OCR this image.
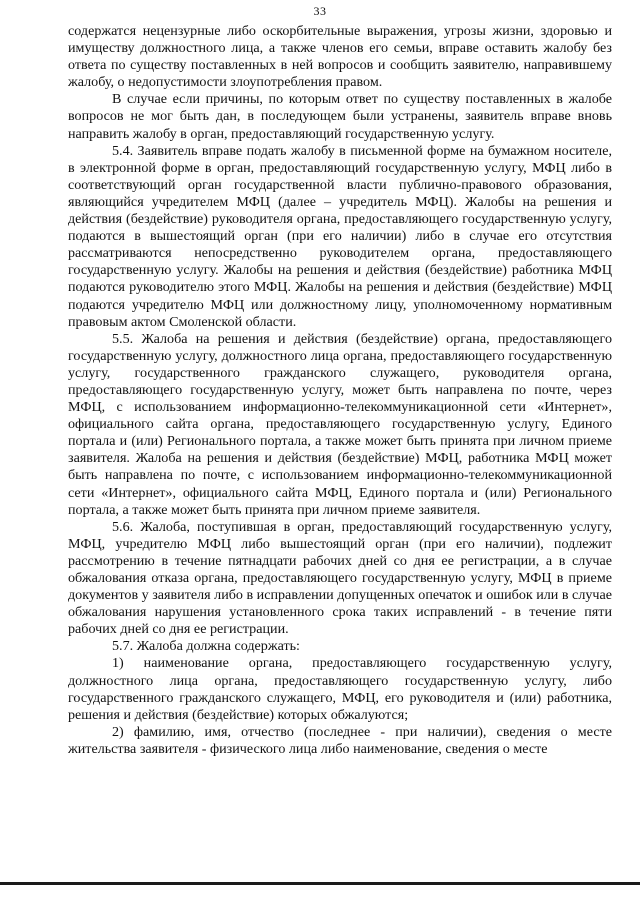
33

содержатся нецензурные либо оскорбительные выражения, угрозы жизни, здоровью и имуществу должностного лица, а также членов его семьи, вправе оставить жалобу без ответа по существу поставленных в ней вопросов и сообщить заявителю, направившему жалобу, о недопустимости злоупотребления правом.

В случае если причины, по которым ответ по существу поставленных в жалобе вопросов не мог быть дан, в последующем были устранены, заявитель вправе вновь направить жалобу в орган, предоставляющий государственную услугу.

5.4. Заявитель вправе подать жалобу в письменной форме на бумажном носителе, в электронной форме в орган, предоставляющий государственную услугу, МФЦ либо в соответствующий орган государственной власти публично-правового образования, являющийся учредителем МФЦ (далее – учредитель МФЦ). Жалобы на решения и действия (бездействие) руководителя органа, предоставляющего государственную услугу, подаются в вышестоящий орган (при его наличии) либо в случае его отсутствия рассматриваются непосредственно руководителем органа, предоставляющего государственную услугу. Жалобы на решения и действия (бездействие) работника МФЦ подаются руководителю этого МФЦ. Жалобы на решения и действия (бездействие) МФЦ подаются учредителю МФЦ или должностному лицу, уполномоченному нормативным правовым актом Смоленской области.

5.5. Жалоба на решения и действия (бездействие) органа, предоставляющего государственную услугу, должностного лица органа, предоставляющего государственную услугу, государственного гражданского служащего, руководителя органа, предоставляющего государственную услугу, может быть направлена по почте, через МФЦ, с использованием информационно-телекоммуникационной сети «Интернет», официального сайта органа, предоставляющего государственную услугу, Единого портала и (или) Регионального портала, а также может быть принята при личном приеме заявителя. Жалоба на решения и действия (бездействие) МФЦ, работника МФЦ может быть направлена по почте, с использованием информационно-телекоммуникационной сети «Интернет», официального сайта МФЦ, Единого портала и (или) Регионального портала, а также может быть принята при личном приеме заявителя.

5.6. Жалоба, поступившая в орган, предоставляющий государственную услугу, МФЦ, учредителю МФЦ либо вышестоящий орган (при его наличии), подлежит рассмотрению в течение пятнадцати рабочих дней со дня ее регистрации, а в случае обжалования отказа органа, предоставляющего государственную услугу, МФЦ в приеме документов у заявителя либо в исправлении допущенных опечаток и ошибок или в случае обжалования нарушения установленного срока таких исправлений - в течение пяти рабочих дней со дня ее регистрации.

5.7. Жалоба должна содержать:

1) наименование органа, предоставляющего государственную услугу, должностного лица органа, предоставляющего государственную услугу, либо государственного гражданского служащего, МФЦ, его руководителя и (или) работника, решения и действия (бездействие) которых обжалуются;

2) фамилию, имя, отчество (последнее - при наличии), сведения о месте жительства заявителя - физического лица либо наименование, сведения о месте
